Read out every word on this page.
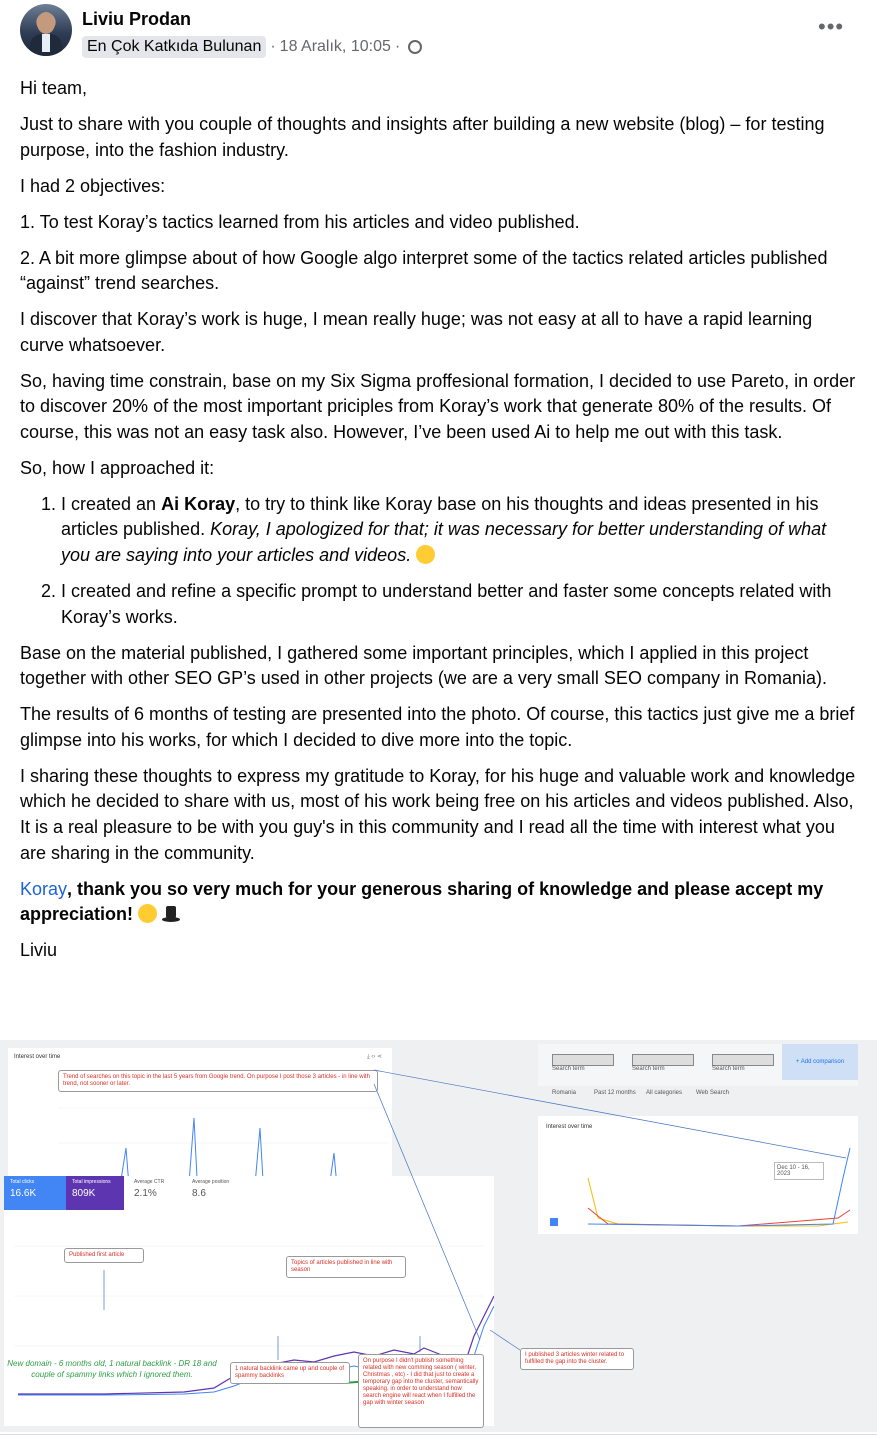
Liviu Prodan
En Çok Katkıda Bulunan · 18 Aralık, 10:05 ·
•••

Hi team,

Just to share with you couple of thoughts and insights after building a new website (blog) – for testing purpose, into the fashion industry.

I had 2 objectives:

1. To test Koray’s tactics learned from his articles and video published.

2. A bit more glimpse about of how Google algo interpret some of the tactics related articles published “against” trend searches.

I discover that Koray’s work is huge, I mean really huge; was not easy at all to have a rapid learning curve whatsoever.

So, having time constrain, base on my Six Sigma proffesional formation, I decided to use Pareto, in order to discover 20% of the most important priciples from Koray’s work that generate 80% of the results. Of course, this was not an easy task also. However, I’ve been used Ai to help me out with this task.

So, how I approached it:

1. I created an Ai Koray, to try to think like Koray base on his thoughts and ideas presented in his articles published. Koray, I apologized for that; it was necessary for better understanding of what you are saying into your articles and videos.
2. I created and refine a specific prompt to understand better and faster some concepts related with Koray’s works.

Base on the material published, I gathered some important principles, which I applied in this project together with other SEO GP’s used in other projects (we are a very small SEO company in Romania).

The results of 6 months of testing are presented into the photo. Of course, this tactics just give me a brief glimpse into his works, for which I decided to dive more into the topic.

I sharing these thoughts to express my gratitude to Koray, for his huge and valuable work and knowledge which he decided to share with us, most of his work being free on his articles and videos published. Also, It is a real pleasure to be with you guy's in this community and I read all the time with interest what you are sharing in the community.

Koray, thank you so very much for your generous sharing of knowledge and please accept my appreciation!

Liviu

Interest over time	⤓ ‹› ⋖
Trend of searches on this topic in the last 5 years from Google trend. On purpose I post those 3 articles - in line with trend, not sooner or later.
Total clicks
16.6K
Total impressions
809K
Average CTR
2.1%
Average position
8.6
Published first article
Topics of articles published in line with season
Search term	Search term	Search term
+ Add comparison
Romania	Past 12 months All categories Web Search
Interest over time
Dec 10 - 16, 2023
New domain - 6 months old, 1 natural backlink - DR 18 and couple of spammy links which I ignored them.
1 natural backlink came up and couple of spammy backlinks
On purpose I didn't publish something related with new comming season ( winter, Christmas , etc) - I did that just to create a temporary gap into the cluster, semantically speaking, in order to understand how search engine will react when I fulfilled the gap with winter season
I published 3 articles winter related to fulfilled the gap into the cluster.
